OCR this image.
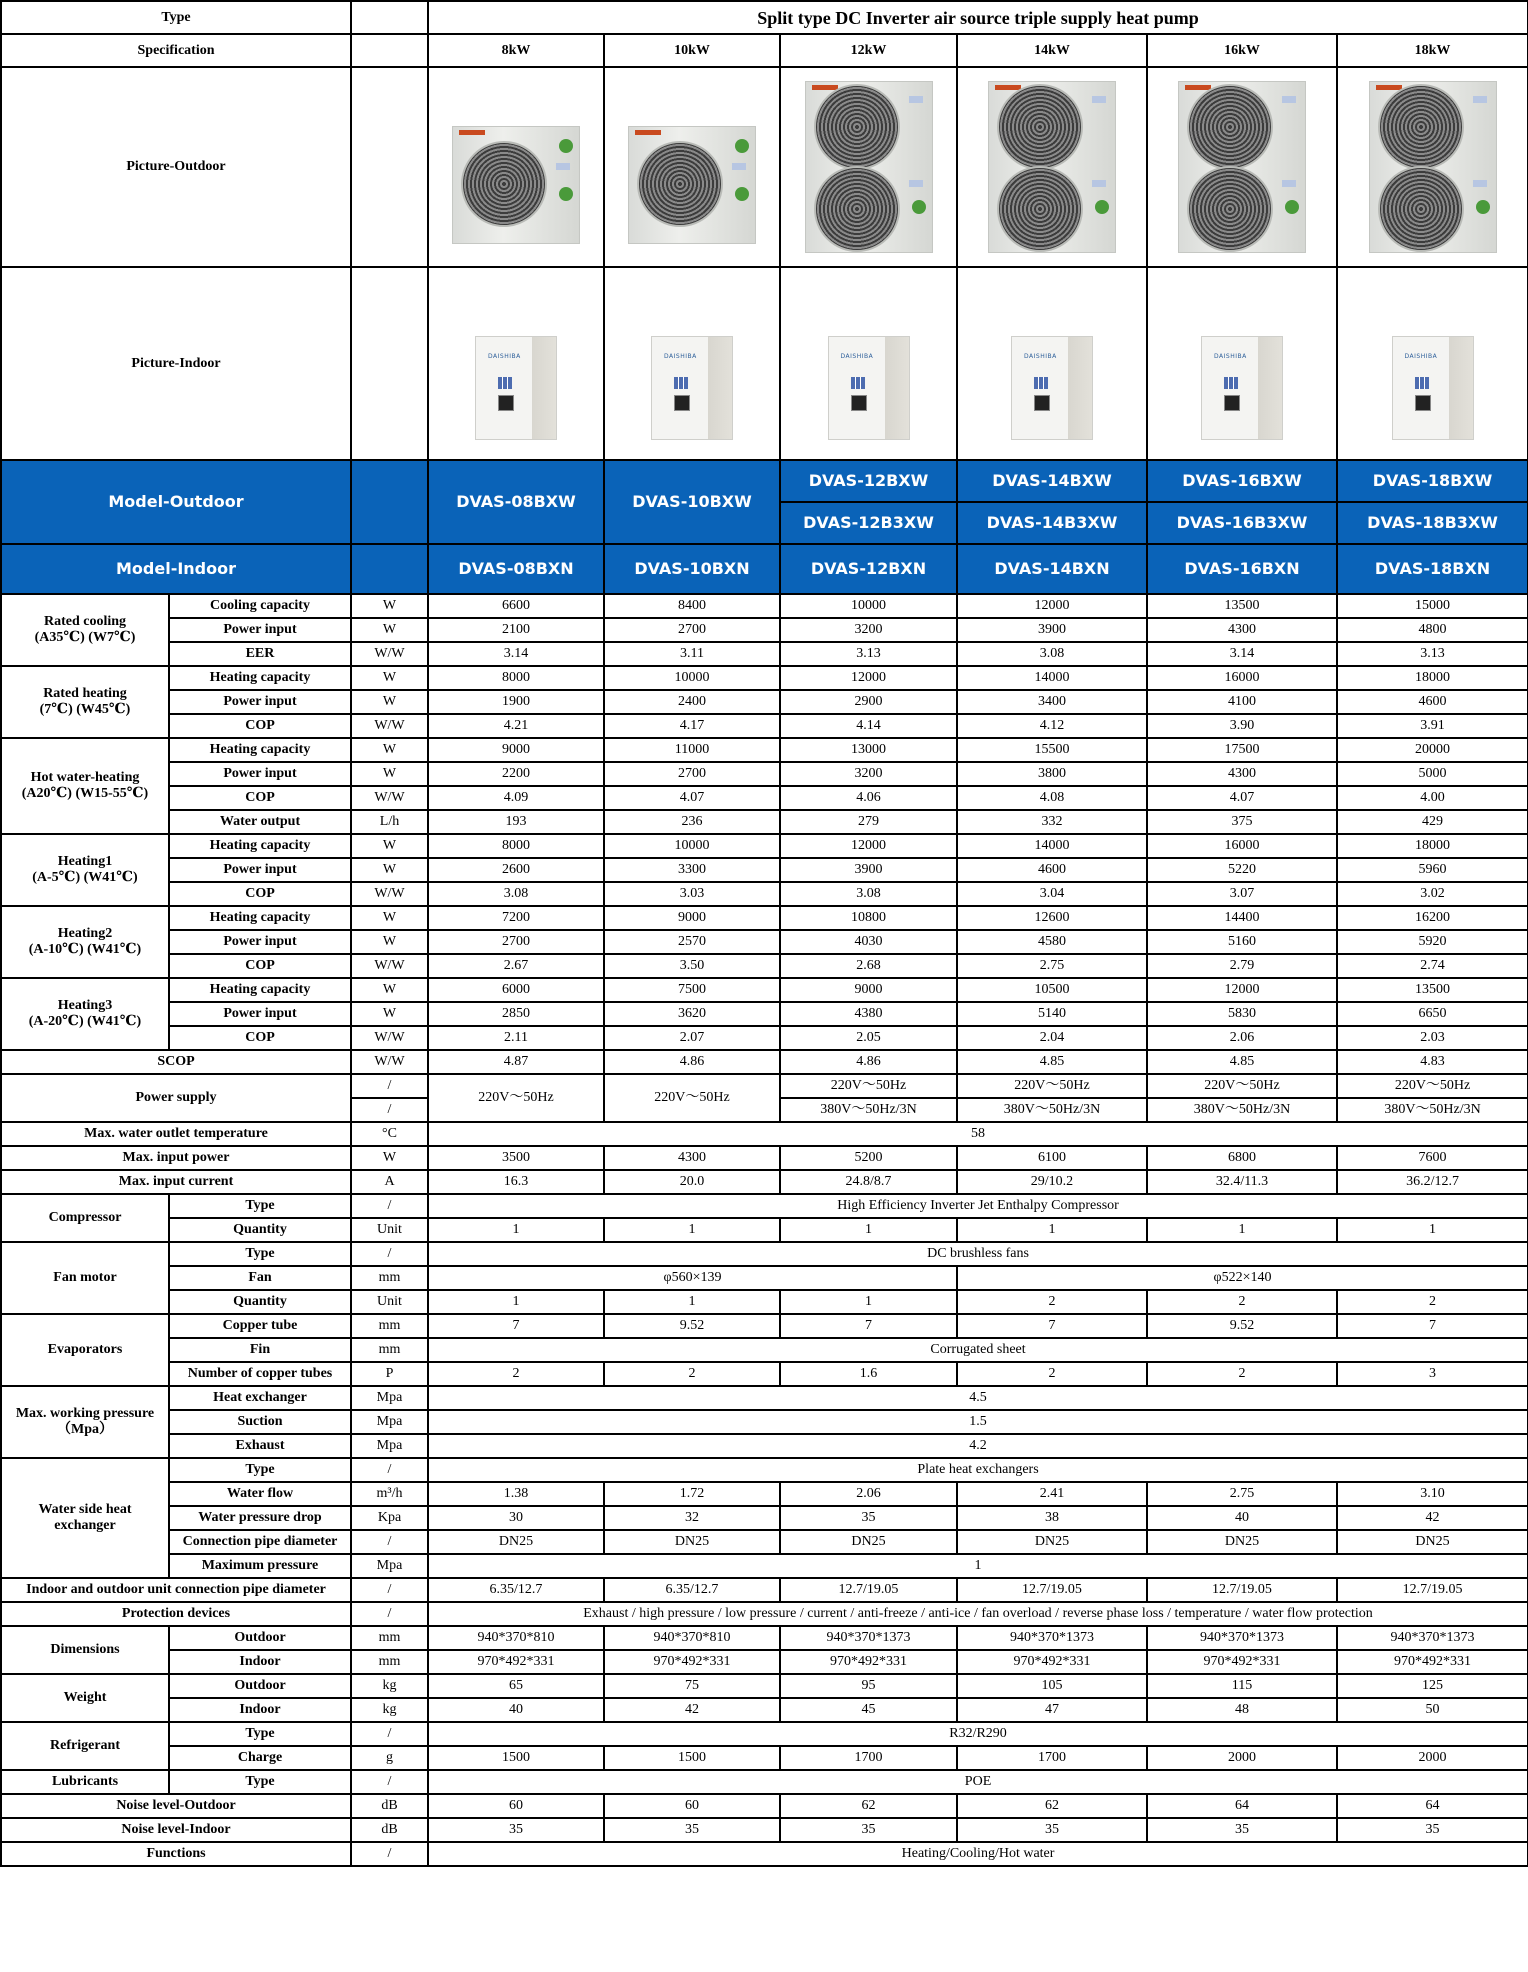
Type			Split type DC Inverter air source triple supply heat pump					
Specification			8kW	10kW	12kW	14kW	16kW	18kW
Picture-Outdoor			

Picture-Indoor			DAISHIBA	DAISHIBA	DAISHIBA	DAISHIBA	DAISHIBA	DAISHIBA

Model-Outdoor			DVAS-08BXW	DVAS-10BXW	DVAS-12BXW	DVAS-14BXW	DVAS-16BXW	DVAS-18BXW
					DVAS-12B3XW	DVAS-14B3XW	DVAS-16B3XW	DVAS-18B3XW
Model-Indoor			DVAS-08BXN	DVAS-10BXN	DVAS-12BXN	DVAS-14BXN	DVAS-16BXN	DVAS-18BXN
Rated cooling
(A35℃) (W7℃)	Cooling capacity	W	6600	8400	10000	12000	13500	15000
	Power input	W	2100	2700	3200	3900	4300	4800
	EER	W/W	3.14	3.11	3.13	3.08	3.14	3.13
Rated heating
(7℃) (W45℃)	Heating capacity	W	8000	10000	12000	14000	16000	18000
	Power input	W	1900	2400	2900	3400	4100	4600
	COP	W/W	4.21	4.17	4.14	4.12	3.90	3.91
Hot water-heating
(A20℃) (W15-55℃)	Heating capacity	W	9000	11000	13000	15500	17500	20000
	Power input	W	2200	2700	3200	3800	4300	5000
	COP	W/W	4.09	4.07	4.06	4.08	4.07	4.00
	Water output	L/h	193	236	279	332	375	429
Heating1
(A-5℃) (W41℃)	Heating capacity	W	8000	10000	12000	14000	16000	18000
	Power input	W	2600	3300	3900	4600	5220	5960
	COP	W/W	3.08	3.03	3.08	3.04	3.07	3.02
Heating2
(A-10℃) (W41℃)	Heating capacity	W	7200	9000	10800	12600	14400	16200
	Power input	W	2700	2570	4030	4580	5160	5920
	COP	W/W	2.67	3.50	2.68	2.75	2.79	2.74
Heating3
(A-20℃) (W41℃)	Heating capacity	W	6000	7500	9000	10500	12000	13500
	Power input	W	2850	3620	4380	5140	5830	6650
	COP	W/W	2.11	2.07	2.05	2.04	2.06	2.03
SCOP		W/W	4.87	4.86	4.86	4.85	4.85	4.83
Power supply		/	220V～50Hz	220V～50Hz	220V～50Hz	220V～50Hz	220V～50Hz	220V～50Hz
		/			380V～50Hz/3N	380V～50Hz/3N	380V～50Hz/3N	380V～50Hz/3N
Max. water outlet temperature		°C	58					
Max. input power		W	3500	4300	5200	6100	6800	7600
Max. input current		A	16.3	20.0	24.8/8.7	29/10.2	32.4/11.3	36.2/12.7
Compressor	Type	/	High Efficiency Inverter Jet Enthalpy Compressor					
	Quantity	Unit	1	1	1	1	1	1
Fan motor	Type	/	DC brushless fans					
	Fan	mm	φ560×139			φ522×140		
	Quantity	Unit	1	1	1	2	2	2
Evaporators	Copper tube	mm	7	9.52	7	7	9.52	7
	Fin	mm	Corrugated sheet					
	Number of copper tubes	P	2	2	1.6	2	2	3
Max. working pressure
（Mpa）	Heat exchanger	Mpa	4.5					
	Suction	Mpa	1.5					
	Exhaust	Mpa	4.2					
Water side heat
exchanger	Type	/	Plate heat exchangers					
	Water flow	m³/h	1.38	1.72	2.06	2.41	2.75	3.10
	Water pressure drop	Kpa	30	32	35	38	40	42
	Connection pipe diameter	/	DN25	DN25	DN25	DN25	DN25	DN25
	Maximum pressure	Mpa	1					
Indoor and outdoor unit connection pipe diameter		/	6.35/12.7	6.35/12.7	12.7/19.05	12.7/19.05	12.7/19.05	12.7/19.05
Protection devices		/	Exhaust / high pressure / low pressure / current / anti-freeze / anti-ice / fan overload / reverse phase loss / temperature / water flow protection					
Dimensions	Outdoor	mm	940*370*810	940*370*810	940*370*1373	940*370*1373	940*370*1373	940*370*1373
	Indoor	mm	970*492*331	970*492*331	970*492*331	970*492*331	970*492*331	970*492*331
Weight	Outdoor	kg	65	75	95	105	115	125
	Indoor	kg	40	42	45	47	48	50
Refrigerant	Type	/	R32/R290					
	Charge	g	1500	1500	1700	1700	2000	2000
Lubricants	Type	/	POE					
Noise level-Outdoor		dB	60	60	62	62	64	64
Noise level-Indoor		dB	35	35	35	35	35	35
Functions		/	Heating/Cooling/Hot water					
